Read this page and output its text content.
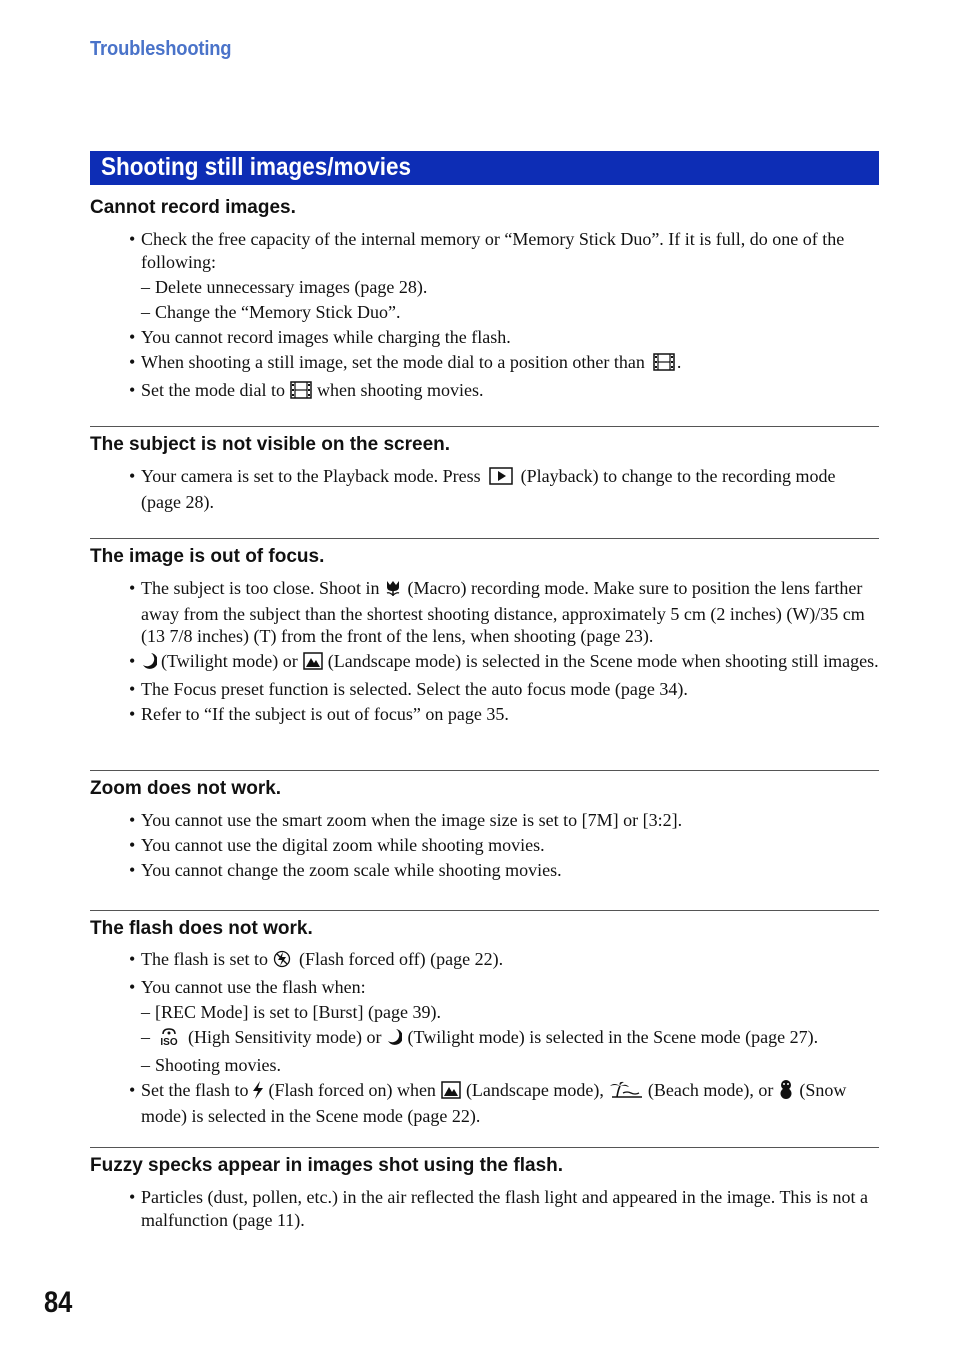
Troubleshooting
Shooting still images/movies
Cannot record images.
• Check the free capacity of the internal memory or “Memory Stick Duo”. If it is full, do one of the following:
– Delete unnecessary images (page 28).
– Change the “Memory Stick Duo”.
• You cannot record images while charging the flash.
• When shooting a still image, set the mode dial to a position other than .
• Set the mode dial to when shooting movies.
The subject is not visible on the screen.
• Your camera is set to the Playback mode. Press (Playback) to change to the recording mode (page 28).
The image is out of focus.
• The subject is too close. Shoot in (Macro) recording mode. Make sure to position the lens farther away from the subject than the shortest shooting distance, approximately 5 cm (2 inches) (W)/35 cm (13 7/8 inches) (T) from the front of the lens, when shooting (page 23).
• (Twilight mode) or (Landscape mode) is selected in the Scene mode when shooting still images.
• The Focus preset function is selected. Select the auto focus mode (page 34).
• Refer to “If the subject is out of focus” on page 35.
Zoom does not work.
• You cannot use the smart zoom when the image size is set to [7M] or [3:2].
• You cannot use the digital zoom while shooting movies.
• You cannot change the zoom scale while shooting movies.
The flash does not work.
• The flash is set to (Flash forced off) (page 22).
• You cannot use the flash when:
– [REC Mode] is set to [Burst] (page 39).
– ISO (High Sensitivity mode) or (Twilight mode) is selected in the Scene mode (page 27).
– Shooting movies.
• Set the flash to (Flash forced on) when (Landscape mode), (Beach mode), or (Snow mode) is selected in the Scene mode (page 22).
Fuzzy specks appear in images shot using the flash.
• Particles (dust, pollen, etc.) in the air reflected the flash light and appeared in the image. This is not a malfunction (page 11).
84
